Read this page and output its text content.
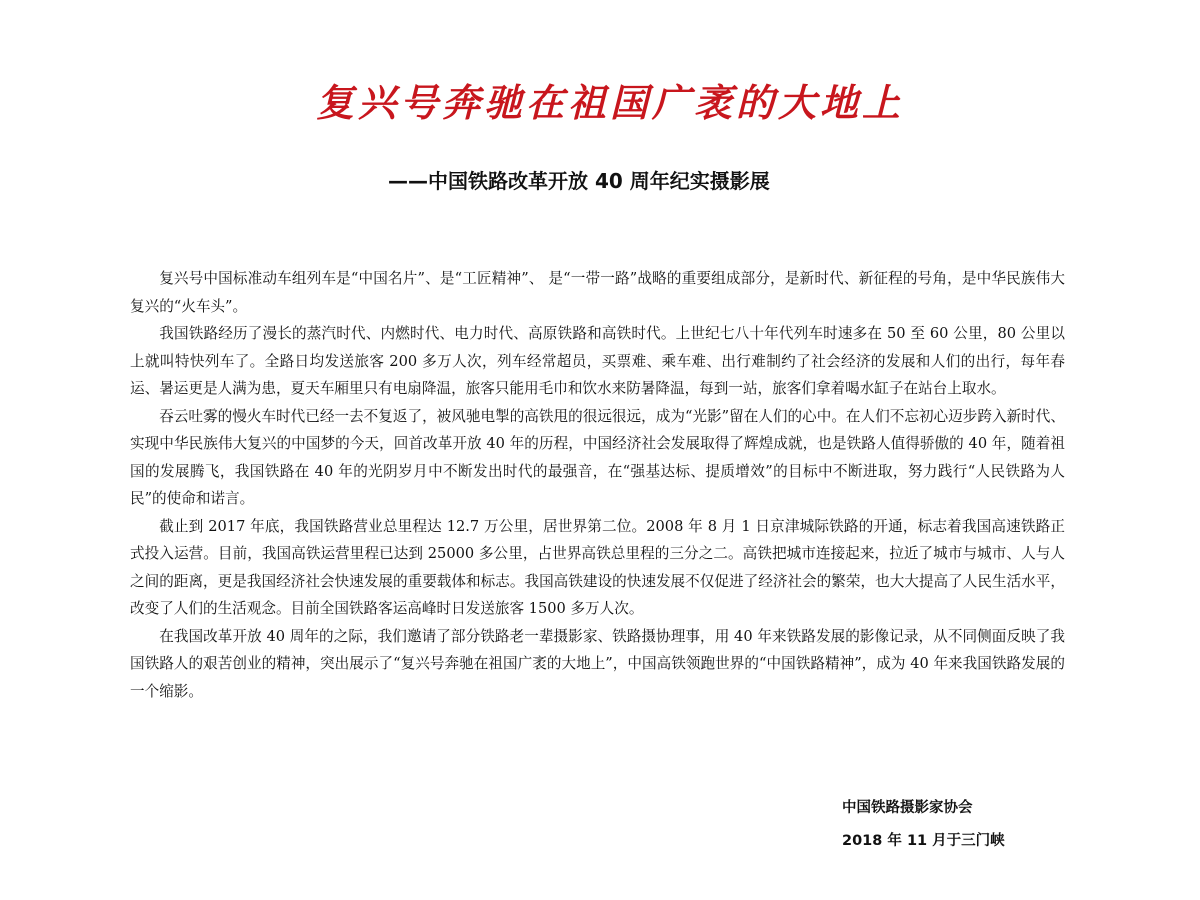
复兴号奔驰在祖国广袤的大地上
——中国铁路改革开放 40 周年纪实摄影展

复兴号中国标准动车组列车是“中国名片”、是“工匠精神”、 是“一带一路”战略的重要组成部分，是新时代、新征程的号角，是中华民族伟大复兴的“火车头”。

我国铁路经历了漫长的蒸汽时代、内燃时代、电力时代、高原铁路和高铁时代。上世纪七八十年代列车时速多在 50 至 60 公里，80 公里以上就叫特快列车了。全路日均发送旅客 200 多万人次，列车经常超员，买票难、乘车难、出行难制约了社会经济的发展和人们的出行，每年春运、暑运更是人满为患，夏天车厢里只有电扇降温，旅客只能用毛巾和饮水来防暑降温，每到一站，旅客们拿着喝水缸子在站台上取水。

吞云吐雾的慢火车时代已经一去不复返了，被风驰电掣的高铁甩的很远很远，成为“光影”留在人们的心中。在人们不忘初心迈步跨入新时代、实现中华民族伟大复兴的中国梦的今天，回首改革开放 40 年的历程，中国经济社会发展取得了辉煌成就，也是铁路人值得骄傲的 40 年，随着祖国的发展腾飞，我国铁路在 40 年的光阴岁月中不断发出时代的最强音，在“强基达标、提质增效”的目标中不断进取，努力践行“人民铁路为人民”的使命和诺言。

截止到 2017 年底，我国铁路营业总里程达 12.7 万公里，居世界第二位。2008 年 8 月 1 日京津城际铁路的开通，标志着我国高速铁路正式投入运营。目前，我国高铁运营里程已达到 25000 多公里，占世界高铁总里程的三分之二。高铁把城市连接起来，拉近了城市与城市、人与人之间的距离，更是我国经济社会快速发展的重要载体和标志。我国高铁建设的快速发展不仅促进了经济社会的繁荣，也大大提高了人民生活水平，改变了人们的生活观念。目前全国铁路客运高峰时日发送旅客 1500 多万人次。

在我国改革开放 40 周年的之际，我们邀请了部分铁路老一辈摄影家、铁路摄协理事，用 40 年来铁路发展的影像记录，从不同侧面反映了我国铁路人的艰苦创业的精神，突出展示了“复兴号奔驰在祖国广袤的大地上”，中国高铁领跑世界的“中国铁路精神”，成为 40 年来我国铁路发展的一个缩影。

中国铁路摄影家协会

2018 年 11 月于三门峡
